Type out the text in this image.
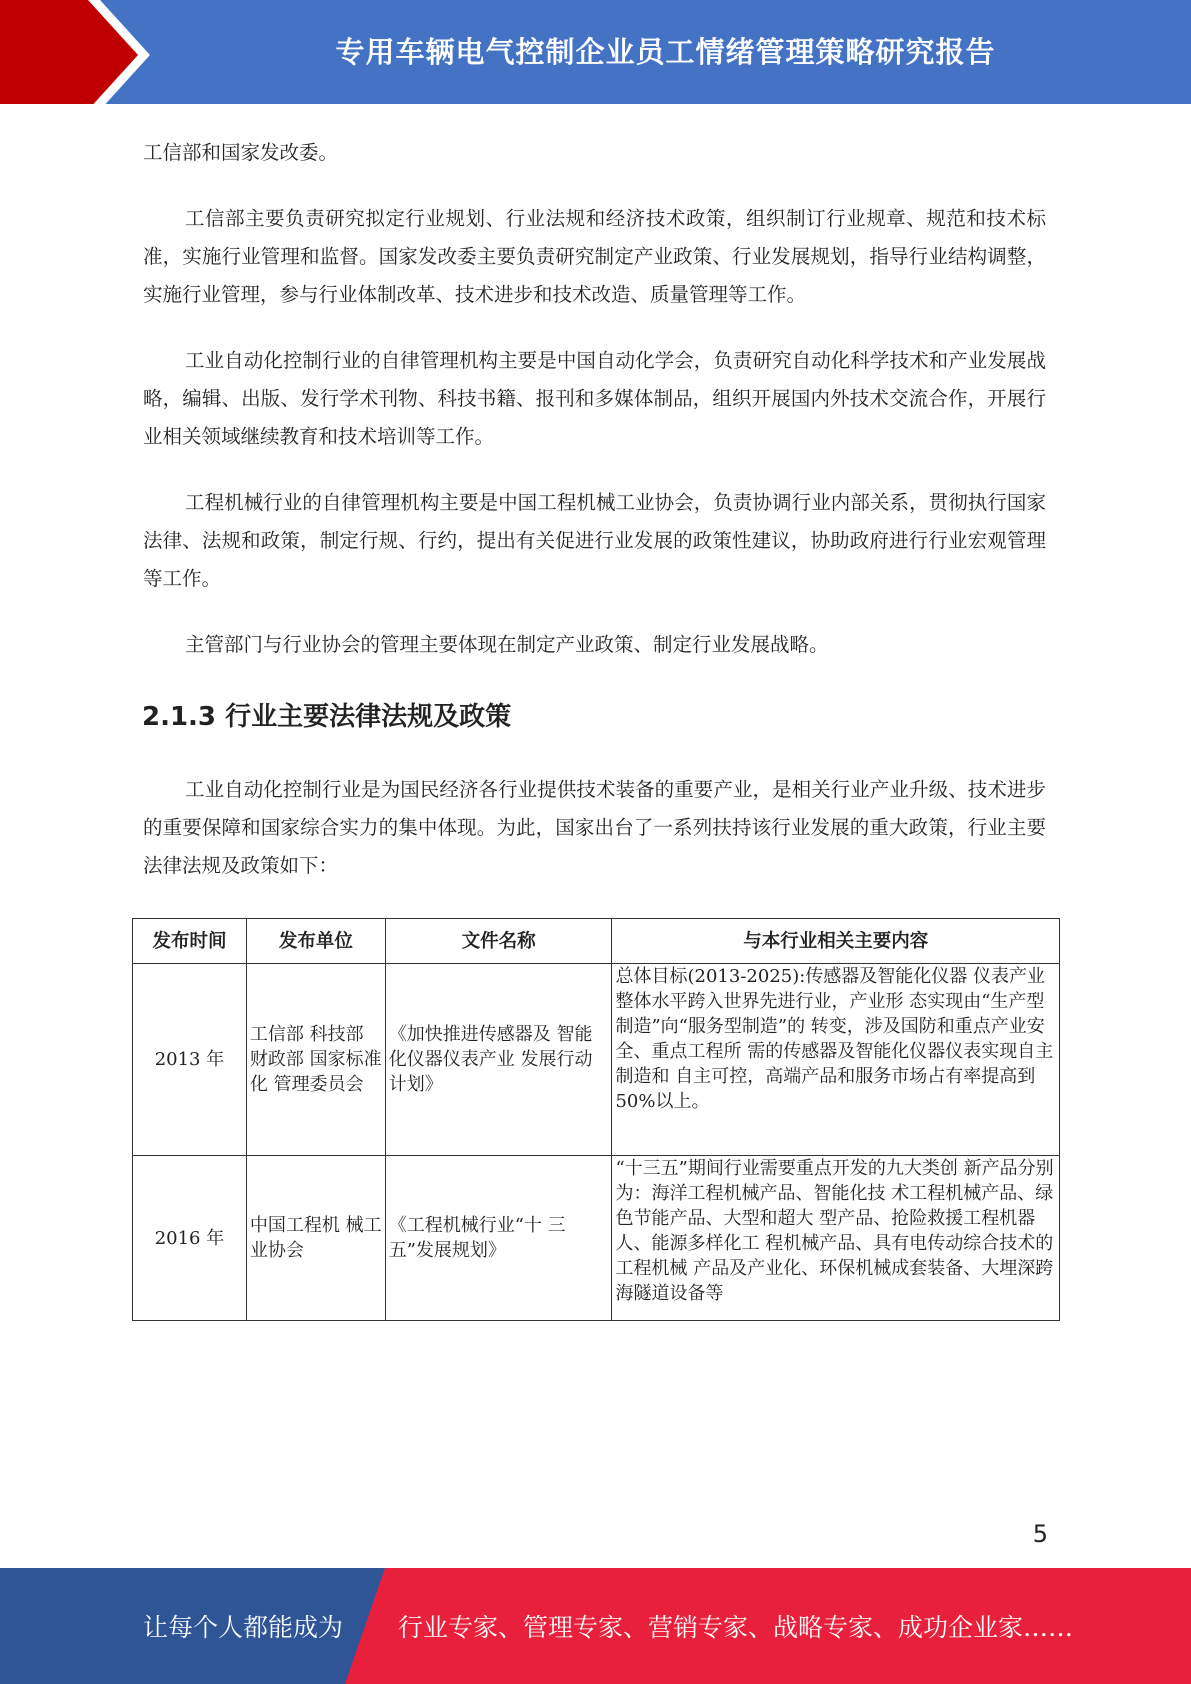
专用车辆电气控制企业员工情绪管理策略研究报告

工信部和国家发改委。

工信部主要负责研究拟定行业规划、行业法规和经济技术政策，组织制订行业规章、规范和技术标准，实施行业管理和监督。国家发改委主要负责研究制定产业政策、行业发展规划，指导行业结构调整，实施行业管理，参与行业体制改革、技术进步和技术改造、质量管理等工作。

工业自动化控制行业的自律管理机构主要是中国自动化学会，负责研究自动化科学技术和产业发展战略，编辑、出版、发行学术刊物、科技书籍、报刊和多媒体制品，组织开展国内外技术交流合作，开展行业相关领域继续教育和技术培训等工作。

工程机械行业的自律管理机构主要是中国工程机械工业协会，负责协调行业内部关系，贯彻执行国家法律、法规和政策，制定行规、行约，提出有关促进行业发展的政策性建议，协助政府进行行业宏观管理等工作。

主管部门与行业协会的管理主要体现在制定产业政策、制定行业发展战略。

2.1.3 行业主要法律法规及政策

工业自动化控制行业是为国民经济各行业提供技术装备的重要产业，是相关行业产业升级、技术进步的重要保障和国家综合实力的集中体现。为此，国家出台了一系列扶持该行业发展的重大政策，行业主要法律法规及政策如下：

发布时间	发布单位	文件名称	与本行业相关主要内容
2013 年	工信部 科技部 财政部 国家标准化 管理委员会	《加快推进传感器及 智能化仪器仪表产业 发展行动计划》	总体目标(2013-2025):传感器及智能化仪器 仪表产业整体水平跨入世界先进行业，产业形 态实现由“生产型制造”向“服务型制造”的 转变，涉及国防和重点产业安全、重点工程所 需的传感器及智能化仪器仪表实现自主制造和 自主可控，高端产品和服务市场占有率提高到 50%以上。
2016 年	中国工程机 械工业协会	《工程机械行业“十 三五”发展规划》	“十三五”期间行业需要重点开发的九大类创 新产品分别为：海洋工程机械产品、智能化技 术工程机械产品、绿色节能产品、大型和超大 型产品、抢险救援工程机器人、能源多样化工 程机械产品、具有电传动综合技术的工程机械 产品及产业化、环保机械成套装备、大埋深跨海隧道设备等
5
让每个人都能成为 行业专家、管理专家、营销专家、战略专家、成功企业家……
